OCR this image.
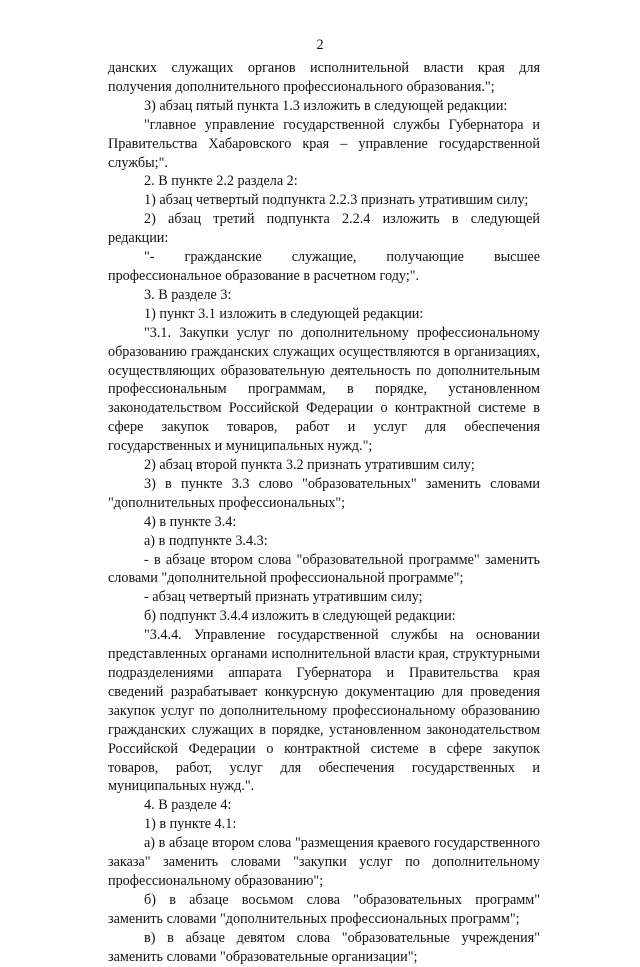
2

данских служащих органов исполнительной власти края для получения дополнительного профессионального образования.";

3) абзац пятый пункта 1.3 изложить в следующей редакции:

"главное управление государственной службы Губернатора и Правительства Хабаровского края – управление государственной службы;".

2. В пункте 2.2 раздела 2:

1) абзац четвертый подпункта 2.2.3 признать утратившим силу;

2) абзац третий подпункта 2.2.4 изложить в следующей редакции:

"- гражданские служащие, получающие высшее профессиональное образование в расчетном году;".

3. В разделе 3:

1) пункт 3.1 изложить в следующей редакции:

"3.1. Закупки услуг по дополнительному профессиональному образованию гражданских служащих осуществляются в организациях, осуществляющих образовательную деятельность по дополнительным профессиональным программам, в порядке, установленном законодательством Российской Федерации о контрактной системе в сфере закупок товаров, работ и услуг для обеспечения государственных и муниципальных нужд.";

2) абзац второй пункта 3.2 признать утратившим силу;

3) в пункте 3.3 слово "образовательных" заменить словами "дополнительных профессиональных";

4) в пункте 3.4:

а) в подпункте 3.4.3:

- в абзаце втором слова "образовательной программе" заменить словами "дополнительной профессиональной программе";

- абзац четвертый признать утратившим силу;

б) подпункт 3.4.4 изложить в следующей редакции:

"3.4.4. Управление государственной службы на основании представленных органами исполнительной власти края, структурными подразделениями аппарата Губернатора и Правительства края сведений разрабатывает конкурсную документацию для проведения закупок услуг по дополнительному профессиональному образованию гражданских служащих в порядке, установленном законодательством Российской Федерации о контрактной системе в сфере закупок товаров, работ, услуг для обеспечения государственных и муниципальных нужд.".

4. В разделе 4:

1) в пункте 4.1:

а) в абзаце втором слова "размещения краевого государственного заказа" заменить словами "закупки услуг по дополнительному профессиональному образованию";

б) в абзаце восьмом слова "образовательных программ" заменить словами "дополнительных профессиональных программ";

в) в абзаце девятом слова "образовательные учреждения" заменить словами "образовательные организации";
